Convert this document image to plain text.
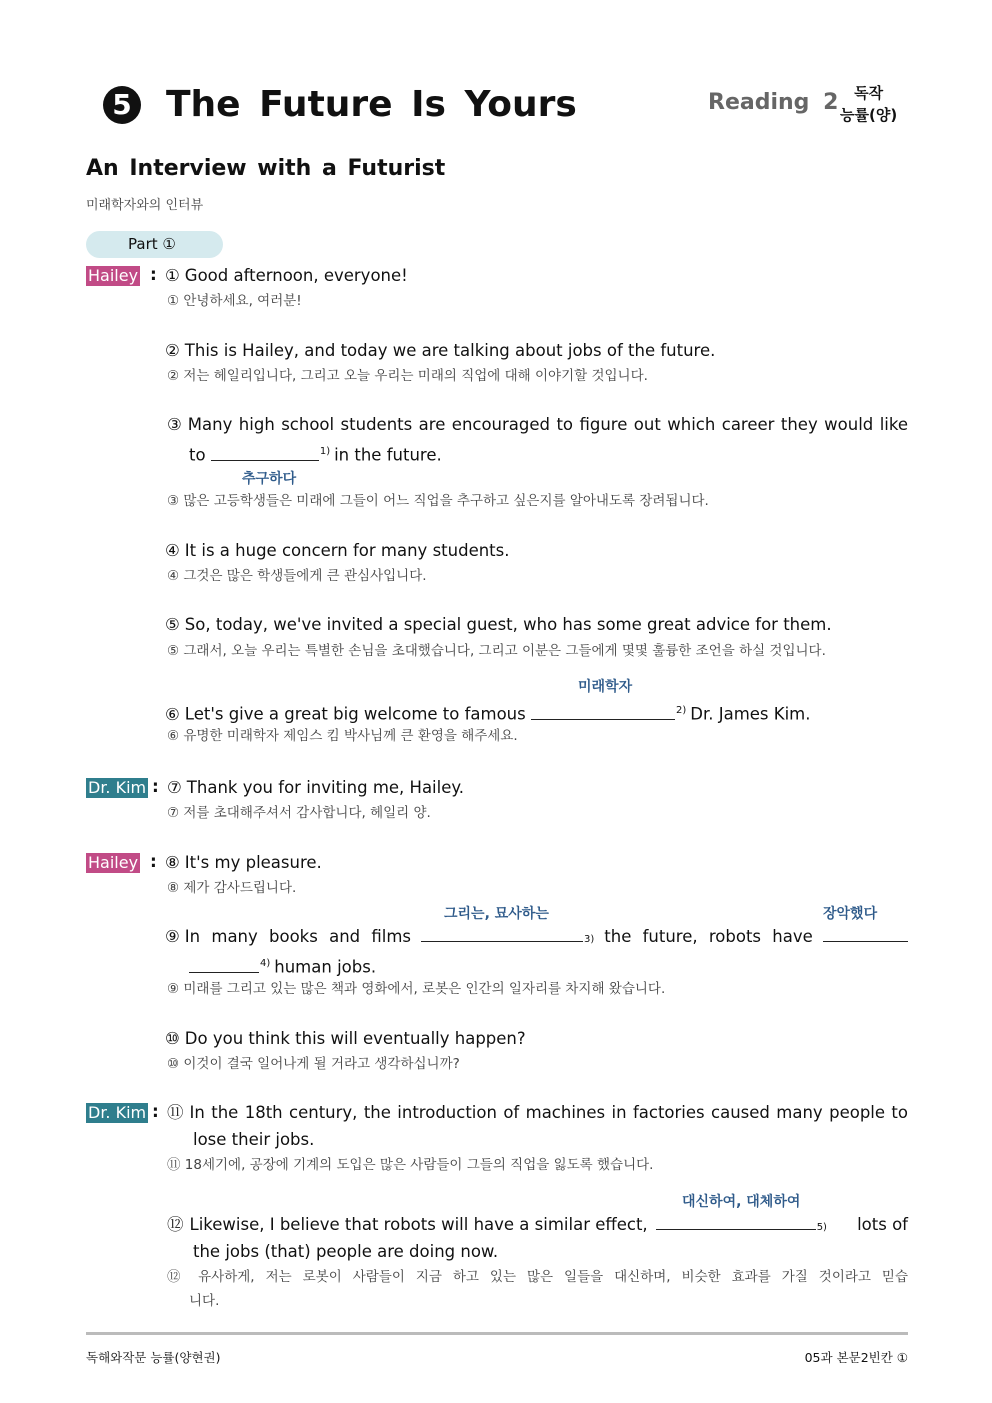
5 The Future Is Yours	Reading 2	독작
능률(양)
An Interview with a Futurist
미래학자와의 인터뷰
Part ①
Hailey : ① Good afternoon, everyone!
① 안녕하세요, 여러분!
② This is Hailey, and today we are talking about jobs of the future.
② 저는 헤일리입니다, 그리고 오늘 우리는 미래의 직업에 대해 이야기할 것입니다.
③ Many high school students are encouraged to figure out which career they would like
to	$^{1)}$ in the future.
추구하다
③ 많은 고등학생들은 미래에 그들이 어느 직업을 추구하고 싶은지를 알아내도록 장려됩니다.
④ It is a huge concern for many students.
④ 그것은 많은 학생들에게 큰 관심사입니다.
⑤ So, today, we've invited a special guest, who has some great advice for them.
⑤ 그래서, 오늘 우리는 특별한 손님을 초대했습니다, 그리고 이분은 그들에게 몇몇 훌륭한 조언을 하실 것입니다.
미래학자
⑥ Let's give a great big welcome to famous	$^{2)}$ Dr. James Kim.
⑥ 유명한 미래학자 제임스 킴 박사님께 큰 환영을 해주세요.
Dr. Kim : ⑦ Thank you for inviting me, Hailey.
⑦ 저를 초대해주셔서 감사합니다, 헤일리 양.
Hailey : ⑧ It's my pleasure.
⑧ 제가 감사드립니다.
그리는, 묘사하는	장악했다
⑨ In many books and films	3) the future, robots have
$^{4)}$ human jobs.
⑨ 미래를 그리고 있는 많은 책과 영화에서, 로봇은 인간의 일자리를 차지해 왔습니다.
⑩ Do you think this will eventually happen?
⑩ 이것이 결국 일어나게 될 거라고 생각하십니까?
Dr. Kim : ⑪ In the 18th century, the introduction of machines in factories caused many people to
lose their jobs.
⑪ 18세기에, 공장에 기계의 도입은 많은 사람들이 그들의 직업을 잃도록 했습니다.
대신하여, 대체하여
⑫ Likewise, I believe that robots will have a similar effect,	5)	lots of
the jobs (that) people are doing now.
⑫ 유사하게, 저는 로봇이 사람들이 지금 하고 있는 많은 일들을 대신하며, 비슷한 효과를 가질 것이라고 믿습
니다.
독해와작문 능률(양현권)	05과 본문2빈칸 ①
